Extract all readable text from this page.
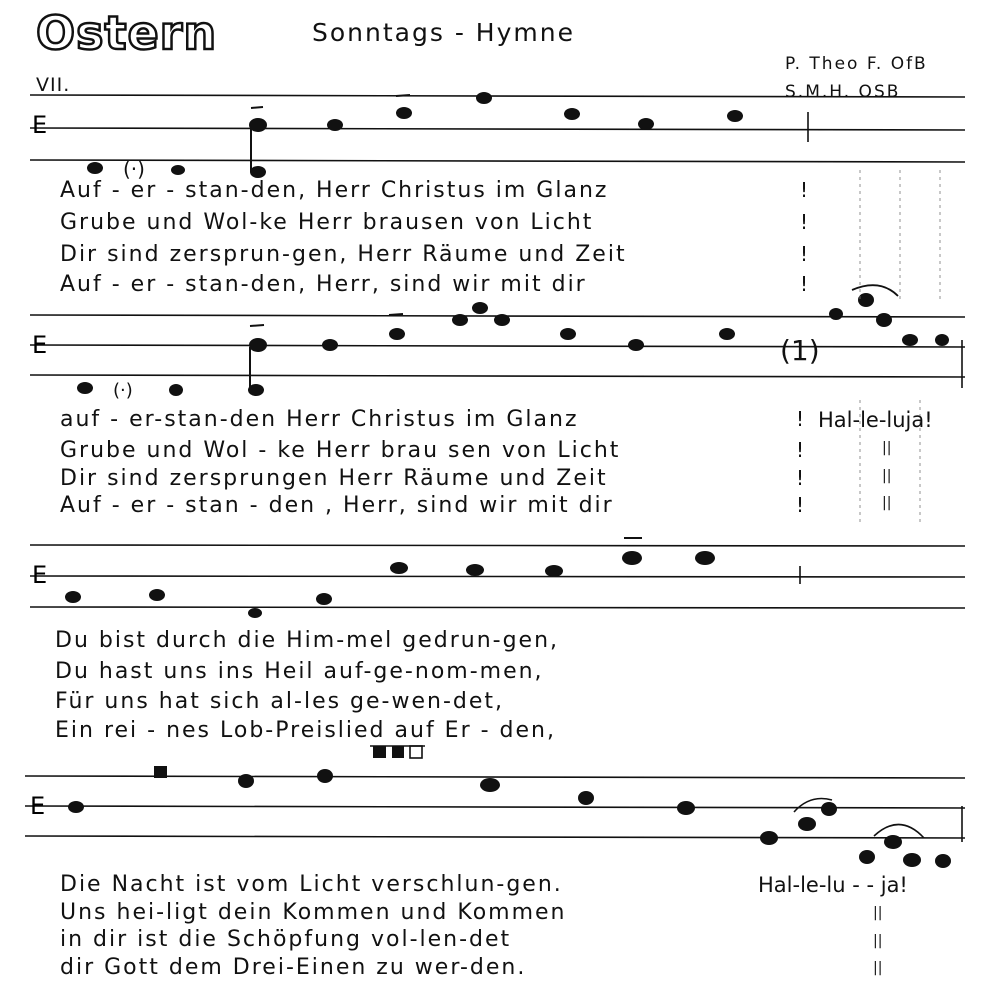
E
(·)
E
(·)
(1)
E
E
Ostern	Sonntags - Hymne
P. Theo F. OfB
S.M.H. OSB
VII.
Auf - er - stan-den, Herr Christus im Glanz
Grube und Wol-ke Herr brausen von Licht
Dir sind zersprun-gen, Herr Räume und Zeit
Auf - er - stan-den, Herr, sind wir mit dir
!
!
!
!
auf - er-stan-den Herr Christus im Glanz
Grube und Wol - ke Herr brau sen von Licht
Dir sind zersprungen Herr Räume und Zeit
Auf - er - stan - den , Herr, sind wir mit dir
!
!
!
!
Hal-le-luja!
||
||
||
Du bist durch die Him-mel gedrun-gen,
Du hast uns ins Heil auf-ge-nom-men,
Für uns hat sich al-les ge-wen-det,
Ein rei - nes Lob-Preislied auf Er - den,
Die Nacht ist vom Licht verschlun-gen.
Uns hei-ligt dein Kommen und Kommen
in dir ist die Schöpfung vol-len-det
dir Gott dem Drei-Einen zu wer-den.
Hal-le-lu - - ja!
||
||
||
